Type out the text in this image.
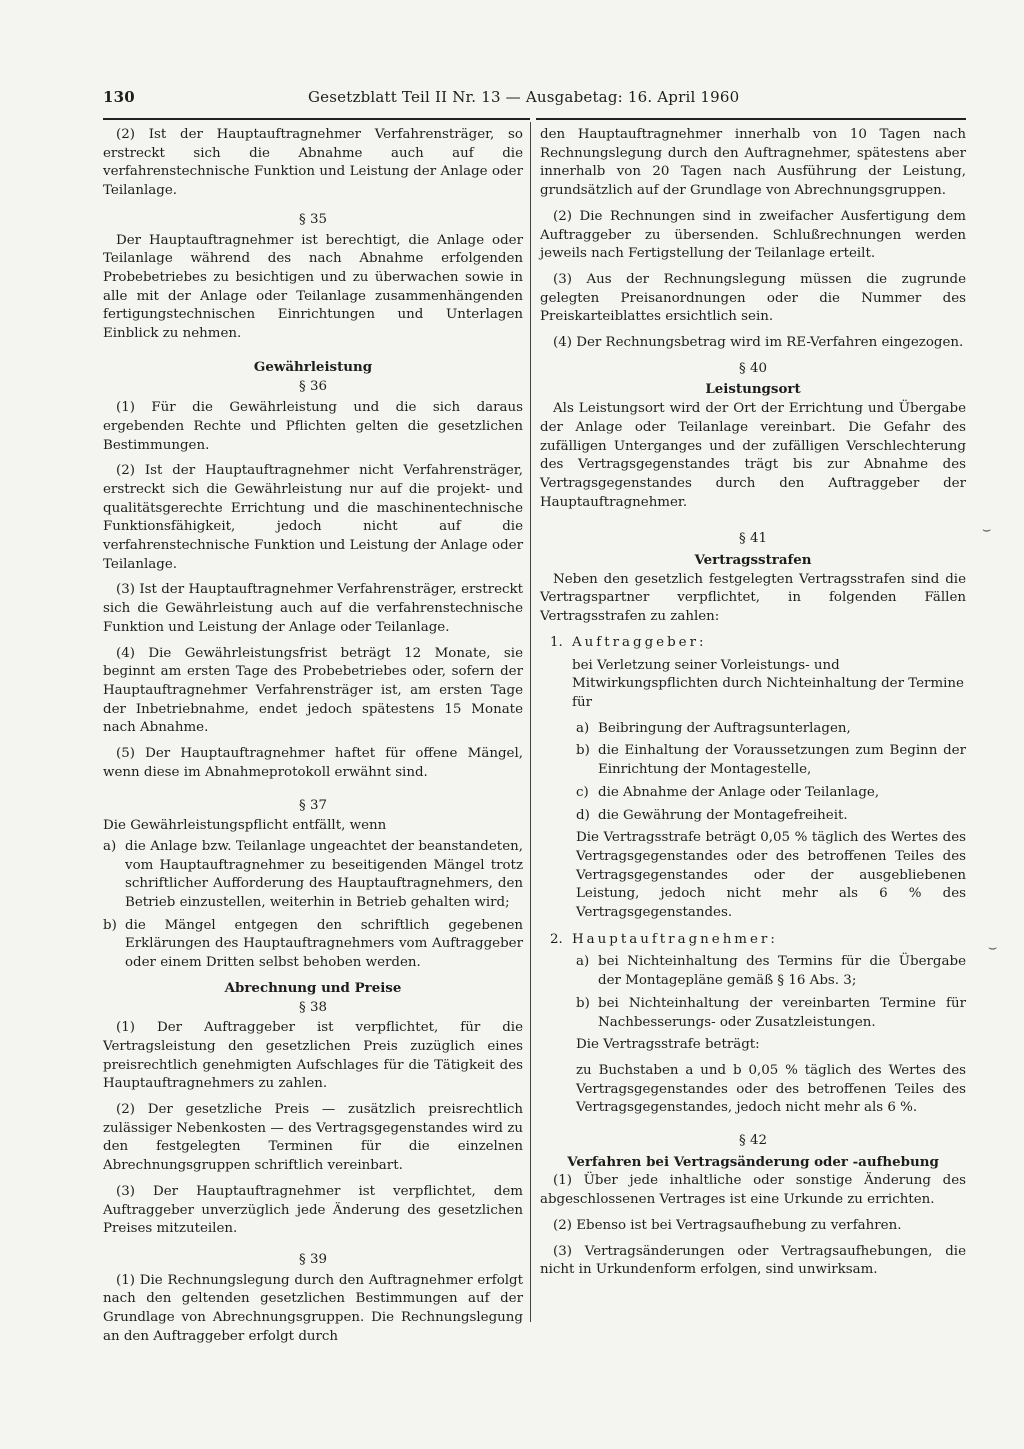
130	Gesetzblatt Teil II Nr. 13 — Ausgabetag: 16. April 1960

(2) Ist der Hauptauftragnehmer Verfahrensträger, so erstreckt sich die Abnahme auch auf die verfahrenstechnische Funktion und Leistung der Anlage oder Teilanlage.

§ 35

Der Hauptauftragnehmer ist berechtigt, die Anlage oder Teilanlage während des nach Abnahme erfolgenden Probebetriebes zu besichtigen und zu überwachen sowie in alle mit der Anlage oder Teilanlage zusammenhängenden fertigungstechnischen Einrichtungen und Unterlagen Einblick zu nehmen.

Gewährleistung
§ 36

(1) Für die Gewährleistung und die sich daraus ergebenden Rechte und Pflichten gelten die gesetzlichen Bestimmungen.

(2) Ist der Hauptauftragnehmer nicht Verfahrensträger, erstreckt sich die Gewährleistung nur auf die projekt- und qualitätsgerechte Errichtung und die maschinentechnische Funktionsfähigkeit, jedoch nicht auf die verfahrenstechnische Funktion und Leistung der Anlage oder Teilanlage.

(3) Ist der Hauptauftragnehmer Verfahrensträger, erstreckt sich die Gewährleistung auch auf die verfahrenstechnische Funktion und Leistung der Anlage oder Teilanlage.

(4) Die Gewährleistungsfrist beträgt 12 Monate, sie beginnt am ersten Tage des Probebetriebes oder, sofern der Hauptauftragnehmer Verfahrensträger ist, am ersten Tage der Inbetriebnahme, endet jedoch spätestens 15 Monate nach Abnahme.

(5) Der Hauptauftragnehmer haftet für offene Mängel, wenn diese im Abnahmeprotokoll erwähnt sind.

§ 37

Die Gewährleistungspflicht entfällt, wenn

a) die Anlage bzw. Teilanlage ungeachtet der beanstandeten, vom Hauptauftragnehmer zu beseitigenden Mängel trotz schriftlicher Aufforderung des Hauptauftragnehmers, den Betrieb einzustellen, weiterhin in Betrieb gehalten wird;
b) die Mängel entgegen den schriftlich gegebenen Erklärungen des Hauptauftragnehmers vom Auftraggeber oder einem Dritten selbst behoben werden.
Abrechnung und Preise
§ 38

(1) Der Auftraggeber ist verpflichtet, für die Vertragsleistung den gesetzlichen Preis zuzüglich eines preisrechtlich genehmigten Aufschlages für die Tätigkeit des Hauptauftragnehmers zu zahlen.

(2) Der gesetzliche Preis — zusätzlich preisrechtlich zulässiger Nebenkosten — des Vertragsgegenstandes wird zu den festgelegten Terminen für die einzelnen Abrechnungsgruppen schriftlich vereinbart.

(3) Der Hauptauftragnehmer ist verpflichtet, dem Auftraggeber unverzüglich jede Änderung des gesetzlichen Preises mitzuteilen.

§ 39

(1) Die Rechnungslegung durch den Auftragnehmer erfolgt nach den geltenden gesetzlichen Bestimmungen auf der Grundlage von Abrechnungsgruppen. Die Rechnungslegung an den Auftraggeber erfolgt durch

den Hauptauftragnehmer innerhalb von 10 Tagen nach Rechnungslegung durch den Auftragnehmer, spätestens aber innerhalb von 20 Tagen nach Ausführung der Leistung, grundsätzlich auf der Grundlage von Abrechnungsgruppen.

(2) Die Rechnungen sind in zweifacher Ausfertigung dem Auftraggeber zu übersenden. Schlußrechnungen werden jeweils nach Fertigstellung der Teilanlage erteilt.

(3) Aus der Rechnungslegung müssen die zugrunde gelegten Preisanordnungen oder die Nummer des Preiskarteiblattes ersichtlich sein.

(4) Der Rechnungsbetrag wird im RE-Verfahren eingezogen.

§ 40
Leistungsort

Als Leistungsort wird der Ort der Errichtung und Übergabe der Anlage oder Teilanlage vereinbart. Die Gefahr des zufälligen Unterganges und der zufälligen Verschlechterung des Vertragsgegenstandes trägt bis zur Abnahme des Vertragsgegenstandes durch den Auftraggeber der Hauptauftragnehmer.

§ 41
Vertragsstrafen

Neben den gesetzlich festgelegten Vertragsstrafen sind die Vertragspartner verpflichtet, in folgenden Fällen Vertragsstrafen zu zahlen:

1. Auftraggeber:

bei Verletzung seiner Vorleistungs- und Mitwirkungspflichten durch Nichteinhaltung der Termine für

a) Beibringung der Auftragsunterlagen,
b) die Einhaltung der Voraussetzungen zum Beginn der Einrichtung der Montagestelle,
c) die Abnahme der Anlage oder Teilanlage,
d) die Gewährung der Montagefreiheit.

Die Vertragsstrafe beträgt 0,05 % täglich des Wertes des Vertragsgegenstandes oder des betroffenen Teiles des Vertragsgegenstandes oder der ausgebliebenen Leistung, jedoch nicht mehr als 6 % des Vertragsgegenstandes.

2. Hauptauftragnehmer:
a) bei Nichteinhaltung des Termins für die Übergabe der Montagepläne gemäß § 16 Abs. 3;
b) bei Nichteinhaltung der vereinbarten Termine für Nachbesserungs- oder Zusatzleistungen.

Die Vertragsstrafe beträgt:

zu Buchstaben a und b 0,05 % täglich des Wertes des Vertragsgegenstandes oder des betroffenen Teiles des Vertragsgegenstandes, jedoch nicht mehr als 6 %.

§ 42
Verfahren bei Vertragsänderung oder -aufhebung

(1) Über jede inhaltliche oder sonstige Änderung des abgeschlossenen Vertrages ist eine Urkunde zu errichten.

(2) Ebenso ist bei Vertragsaufhebung zu verfahren.

(3) Vertragsänderungen oder Vertragsaufhebungen, die nicht in Urkundenform erfolgen, sind unwirksam.

⌣
⌣
